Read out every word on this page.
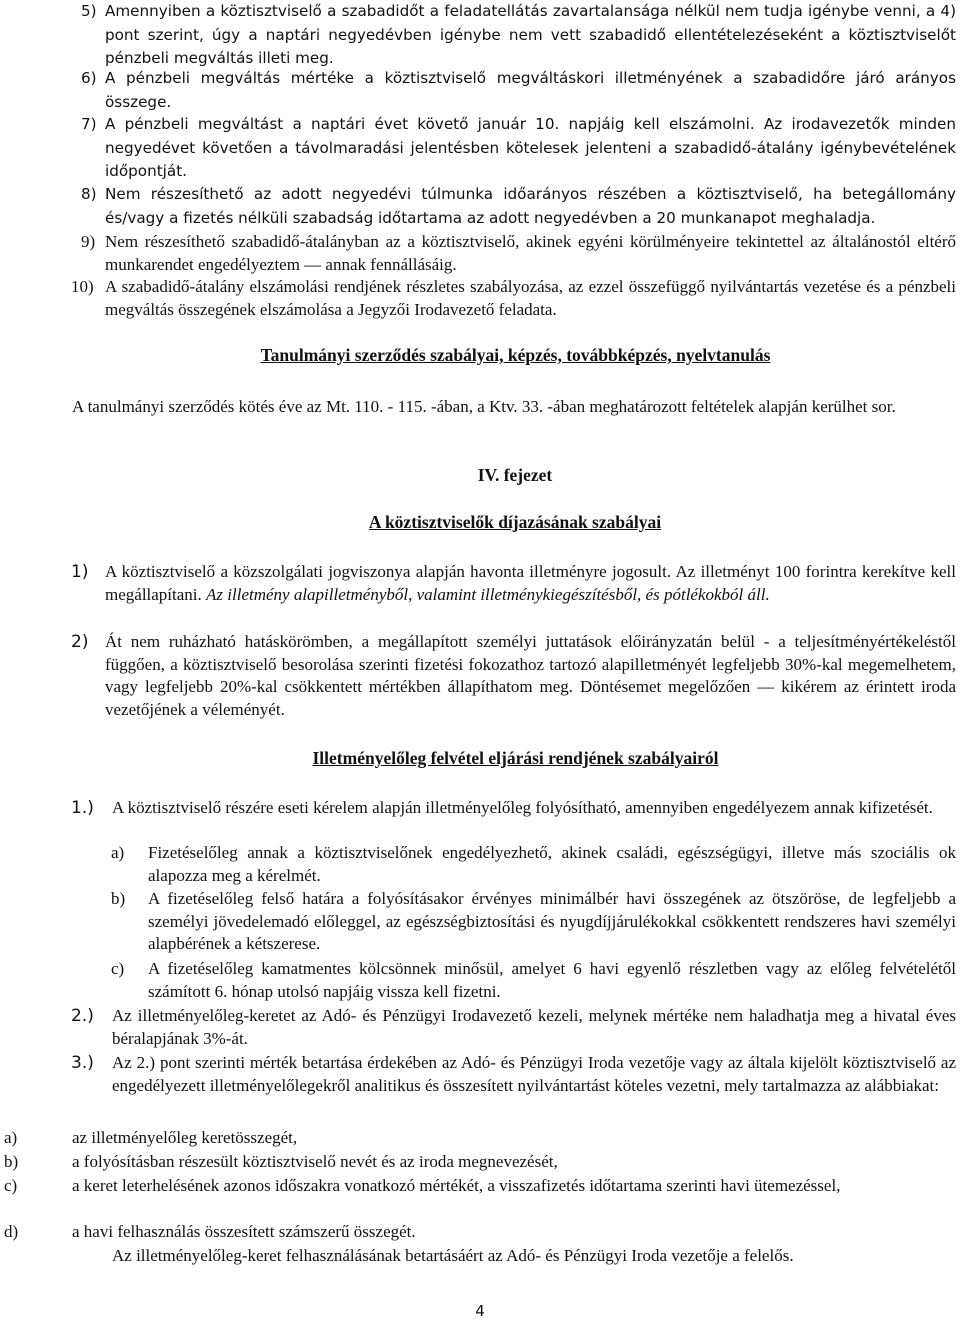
5) Amennyiben a köztisztviselő a szabadidőt a feladatellátás zavartalansága nélkül nem tudja igénybe venni, a 4) pont szerint, úgy a naptári negyedévben igénybe nem vett szabadidő ellentételezéseként a köztisztviselőt pénzbeli megváltás illeti meg.
6) A pénzbeli megváltás mértéke a köztisztviselő megváltáskori illetményének a szabadidőre járó arányos összege.
7) A pénzbeli megváltást a naptári évet követő január 10. napjáig kell elszámolni. Az irodavezetők minden negyedévet követően a távolmaradási jelentésben kötelesek jelenteni a szabadidő-átalány igénybevételének időpontját.
8) Nem részesíthető az adott negyedévi túlmunka időarányos részében a köztisztviselő, ha betegállomány és/vagy a fizetés nélküli szabadság időtartama az adott negyedévben a 20 munkanapot meghaladja.
9) Nem részesíthető szabadidő-átalányban az a köztisztviselő, akinek egyéni körülményeire tekintettel az általánostól eltérő munkarendet engedélyeztem ― annak fennállásáig.
10) A szabadidő-átalány elszámolási rendjének részletes szabályozása, az ezzel összefüggő nyilvántartás vezetése és a pénzbeli megváltás összegének elszámolása a Jegyzői Irodavezető feladata.
Tanulmányi szerződés szabályai, képzés, továbbképzés, nyelvtanulás
A tanulmányi szerződés kötés éve az Mt. 110. - 115. -ában, a Ktv. 33. -ában meghatározott feltételek alapján kerülhet sor.
IV. fejezet
A köztisztviselők díjazásának szabályai
1) A köztisztviselő a közszolgálati jogviszonya alapján havonta illetményre jogosult. Az illetményt 100 forintra kerekítve kell megállapítani. Az illetmény alapilletményből, valamint illetménykiegészítésből, és pótlékokból áll.
2) Át nem ruházható hatáskörömben, a megállapított személyi juttatások előirányzatán belül - a teljesítményértékeléstől függően, a köztisztviselő besorolása szerinti fizetési fokozathoz tartozó alapilletményét legfeljebb 30%-kal megemelhetem, vagy legfeljebb 20%-kal csökkentett mértékben állapíthatom meg. Döntésemet megelőzően ― kikérem az érintett iroda vezetőjének a véleményét.
Illetményelőleg felvétel eljárási rendjének szabályairól
1.) A köztisztviselő részére eseti kérelem alapján illetményelőleg folyósítható, amennyiben engedélyezem annak kifizetését.
a) Fizetéselőleg annak a köztisztviselőnek engedélyezhető, akinek családi, egészségügyi, illetve más szociális ok alapozza meg a kérelmét.
b) A fizetéselőleg felső határa a folyósításakor érvényes minimálbér havi összegének az ötszöröse, de legfeljebb a személyi jövedelemadó előleggel, az egészségbiztosítási és nyugdíjjárulékokkal csökkentett rendszeres havi személyi alapbérének a kétszerese.
c) A fizetéselőleg kamatmentes kölcsönnek minősül, amelyet 6 havi egyenlő részletben vagy az előleg felvételétől számított 6. hónap utolsó napjáig vissza kell fizetni.
2.) Az illetményelőleg-keretet az Adó- és Pénzügyi Irodavezető kezeli, melynek mértéke nem haladhatja meg a hivatal éves béralapjának 3%-át.
3.) Az 2.) pont szerinti mérték betartása érdekében az Adó- és Pénzügyi Iroda vezetője vagy az általa kijelölt köztisztviselő az engedélyezett illetményelőlegekről analitikus és összesített nyilvántartást köteles vezetni, mely tartalmazza az alábbiakat:
a)	az illetményelőleg keretösszegét,
b)	a folyósításban részesült köztisztviselő nevét és az iroda megnevezését,
c)	a keret leterhelésének azonos időszakra vonatkozó mértékét, a visszafizetés időtartama szerinti havi ütemezéssel,
d)	a havi felhasználás összesített számszerű összegét.
Az illetményelőleg-keret felhasználásának betartásáért az Adó- és Pénzügyi Iroda vezetője a felelős.
4
